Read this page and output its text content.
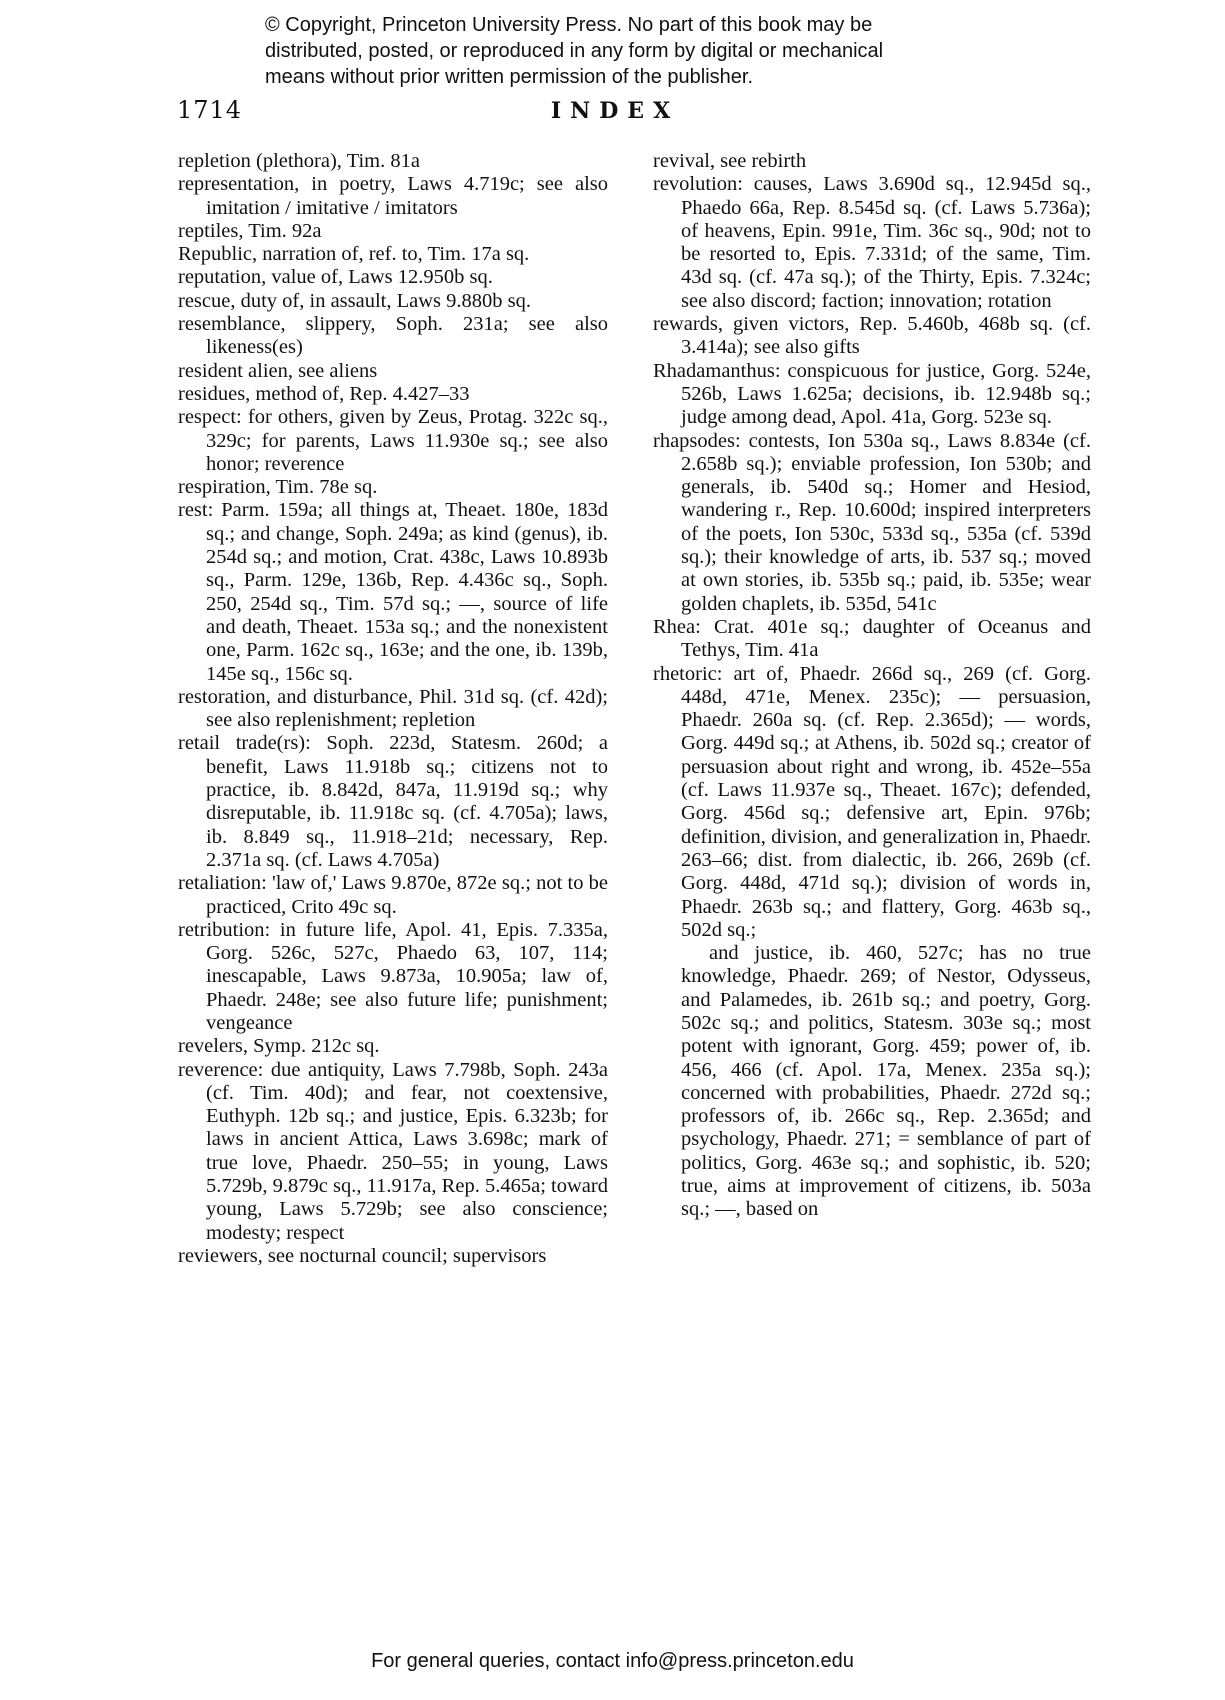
© Copyright, Princeton University Press. No part of this book may be
distributed, posted, or reproduced in any form by digital or mechanical
means without prior written permission of the publisher.
1714	INDEX
repletion (plethora), Tim. 81a
representation, in poetry, Laws 4.719c; see also imitation / imitative / imitators
reptiles, Tim. 92a
Republic, narration of, ref. to, Tim. 17a sq.
reputation, value of, Laws 12.950b sq.
rescue, duty of, in assault, Laws 9.880b sq.
resemblance, slippery, Soph. 231a; see also likeness(es)
resident alien, see aliens
residues, method of, Rep. 4.427–33
respect: for others, given by Zeus, Protag. 322c sq., 329c; for parents, Laws 11.930e sq.; see also honor; reverence
respiration, Tim. 78e sq.
rest: Parm. 159a; all things at, Theaet. 180e, 183d sq.; and change, Soph. 249a; as kind (genus), ib. 254d sq.; and motion, Crat. 438c, Laws 10.893b sq., Parm. 129e, 136b, Rep. 4.436c sq., Soph. 250, 254d sq., Tim. 57d sq.; —, source of life and death, Theaet. 153a sq.; and the nonexistent one, Parm. 162c sq., 163e; and the one, ib. 139b, 145e sq., 156c sq.
restoration, and disturbance, Phil. 31d sq. (cf. 42d); see also replenishment; repletion
retail trade(rs): Soph. 223d, Statesm. 260d; a benefit, Laws 11.918b sq.; citizens not to practice, ib. 8.842d, 847a, 11.919d sq.; why disreputable, ib. 11.918c sq. (cf. 4.705a); laws, ib. 8.849 sq., 11.918–21d; necessary, Rep. 2.371a sq. (cf. Laws 4.705a)
retaliation: 'law of,' Laws 9.870e, 872e sq.; not to be practiced, Crito 49c sq.
retribution: in future life, Apol. 41, Epis. 7.335a, Gorg. 526c, 527c, Phaedo 63, 107, 114; inescapable, Laws 9.873a, 10.905a; law of, Phaedr. 248e; see also future life; punishment; vengeance
revelers, Symp. 212c sq.
reverence: due antiquity, Laws 7.798b, Soph. 243a (cf. Tim. 40d); and fear, not coextensive, Euthyph. 12b sq.; and justice, Epis. 6.323b; for laws in ancient Attica, Laws 3.698c; mark of true love, Phaedr. 250–55; in young, Laws 5.729b, 9.879c sq., 11.917a, Rep. 5.465a; toward young, Laws 5.729b; see also conscience; modesty; respect
reviewers, see nocturnal council; supervisors
revival, see rebirth
revolution: causes, Laws 3.690d sq., 12.945d sq., Phaedo 66a, Rep. 8.545d sq. (cf. Laws 5.736a); of heavens, Epin. 991e, Tim. 36c sq., 90d; not to be resorted to, Epis. 7.331d; of the same, Tim. 43d sq. (cf. 47a sq.); of the Thirty, Epis. 7.324c; see also discord; faction; innovation; rotation
rewards, given victors, Rep. 5.460b, 468b sq. (cf. 3.414a); see also gifts
Rhadamanthus: conspicuous for justice, Gorg. 524e, 526b, Laws 1.625a; decisions, ib. 12.948b sq.; judge among dead, Apol. 41a, Gorg. 523e sq.
rhapsodes: contests, Ion 530a sq., Laws 8.834e (cf. 2.658b sq.); enviable profession, Ion 530b; and generals, ib. 540d sq.; Homer and Hesiod, wandering r., Rep. 10.600d; inspired interpreters of the poets, Ion 530c, 533d sq., 535a (cf. 539d sq.); their knowledge of arts, ib. 537 sq.; moved at own stories, ib. 535b sq.; paid, ib. 535e; wear golden chaplets, ib. 535d, 541c
Rhea: Crat. 401e sq.; daughter of Oceanus and Tethys, Tim. 41a
rhetoric: art of, Phaedr. 266d sq., 269 (cf. Gorg. 448d, 471e, Menex. 235c); — persuasion, Phaedr. 260a sq. (cf. Rep. 2.365d); — words, Gorg. 449d sq.; at Athens, ib. 502d sq.; creator of persuasion about right and wrong, ib. 452e–55a (cf. Laws 11.937e sq., Theaet. 167c); defended, Gorg. 456d sq.; defensive art, Epin. 976b; definition, division, and generalization in, Phaedr. 263–66; dist. from dialectic, ib. 266, 269b (cf. Gorg. 448d, 471d sq.); division of words in, Phaedr. 263b sq.; and flattery, Gorg. 463b sq., 502d sq.;
and justice, ib. 460, 527c; has no true knowledge, Phaedr. 269; of Nestor, Odysseus, and Palamedes, ib. 261b sq.; and poetry, Gorg. 502c sq.; and politics, Statesm. 303e sq.; most potent with ignorant, Gorg. 459; power of, ib. 456, 466 (cf. Apol. 17a, Menex. 235a sq.); concerned with probabilities, Phaedr. 272d sq.; professors of, ib. 266c sq., Rep. 2.365d; and psychology, Phaedr. 271; = semblance of part of politics, Gorg. 463e sq.; and sophistic, ib. 520; true, aims at improvement of citizens, ib. 503a sq.; —, based on
For general queries, contact info@press.princeton.edu
